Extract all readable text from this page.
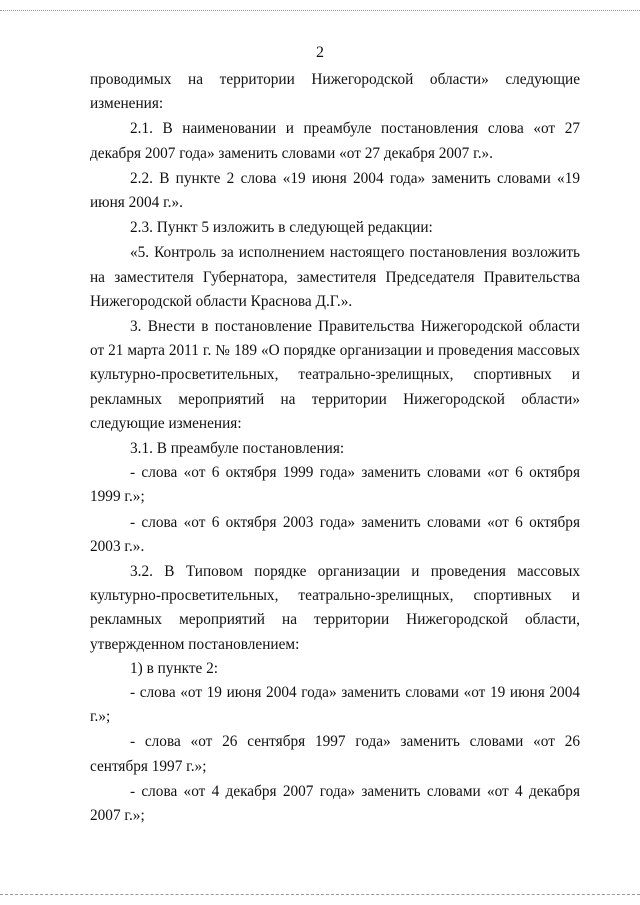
2

проводимых на территории Нижегородской области» следующие изменения:

2.1. В наименовании и преамбуле постановления слова «от 27 декабря 2007 года» заменить словами «от 27 декабря 2007 г.».

2.2. В пункте 2 слова «19 июня 2004 года» заменить словами «19 июня 2004 г.».

2.3. Пункт 5 изложить в следующей редакции:

«5. Контроль за исполнением настоящего постановления возложить на заместителя Губернатора, заместителя Председателя Правительства Нижегородской области Краснова Д.Г.».

3. Внести в постановление Правительства Нижегородской области от 21 марта 2011 г. № 189 «О порядке организации и проведения массовых культурно-просветительных, театрально-зрелищных, спортивных и рекламных мероприятий на территории Нижегородской области» следующие изменения:

3.1. В преамбуле постановления:

- слова «от 6 октября 1999 года» заменить словами «от 6 октября 1999 г.»;

- слова «от 6 октября 2003 года» заменить словами «от 6 октября 2003 г.».

3.2. В Типовом порядке организации и проведения массовых культурно-просветительных, театрально-зрелищных, спортивных и рекламных мероприятий на территории Нижегородской области, утвержденном постановлением:

1) в пункте 2:

- слова «от 19 июня 2004 года» заменить словами «от 19 июня 2004 г.»;

- слова «от 26 сентября 1997 года» заменить словами «от 26 сентября 1997 г.»;

- слова «от 4 декабря 2007 года» заменить словами «от 4 декабря 2007 г.»;
